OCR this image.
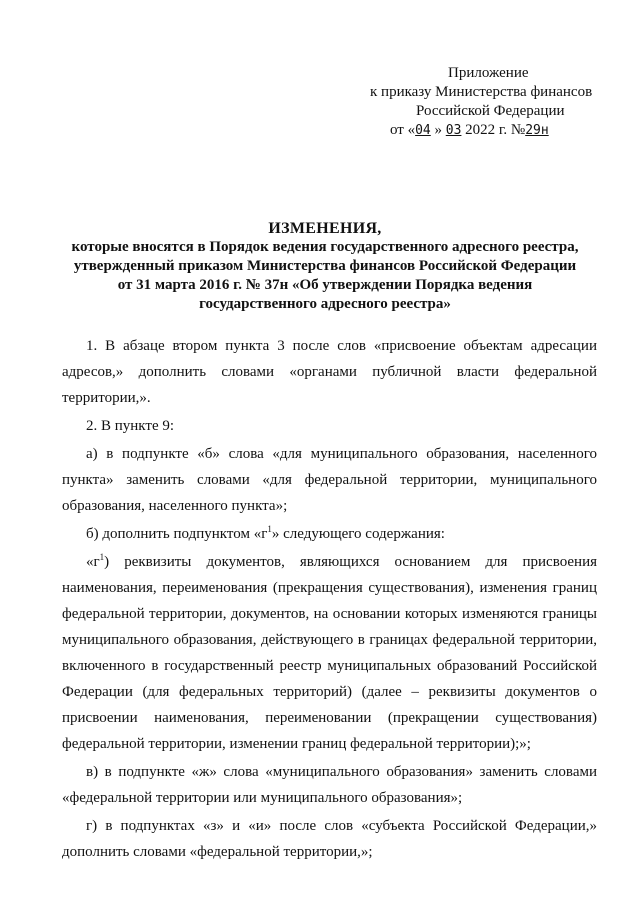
Приложение
к приказу Министерства финансов
Российской Федерации
от «04 » 03 2022 г. №29н
ИЗМЕНЕНИЯ,
которые вносятся в Порядок ведения государственного адресного реестра,
утвержденный приказом Министерства финансов Российской Федерации
от 31 марта 2016 г. № 37н «Об утверждении Порядка ведения
государственного адресного реестра»

1. В абзаце втором пункта 3 после слов «присвоение объектам адресации адресов,» дополнить словами «органами публичной власти федеральной территории,».

2. В пункте 9:

а) в подпункте «б» слова «для муниципального образования, населенного пункта» заменить словами «для федеральной территории, муниципального образования, населенного пункта»;

б) дополнить подпунктом «$г^1$» следующего содержания:

«$г^1$) реквизиты документов, являющихся основанием для присвоения наименования, переименования (прекращения существования), изменения границ федеральной территории, документов, на основании которых изменяются границы муниципального образования, действующего в границах федеральной территории, включенного в государственный реестр муниципальных образований Российской Федерации (для федеральных территорий) (далее – реквизиты документов о присвоении наименования, переименовании (прекращении существования) федеральной территории, изменении границ федеральной территории);»;

в) в подпункте «ж» слова «муниципального образования» заменить словами «федеральной территории или муниципального образования»;

г) в подпунктах «з» и «и» после слов «субъекта Российской Федерации,» дополнить словами «федеральной территории,»;
